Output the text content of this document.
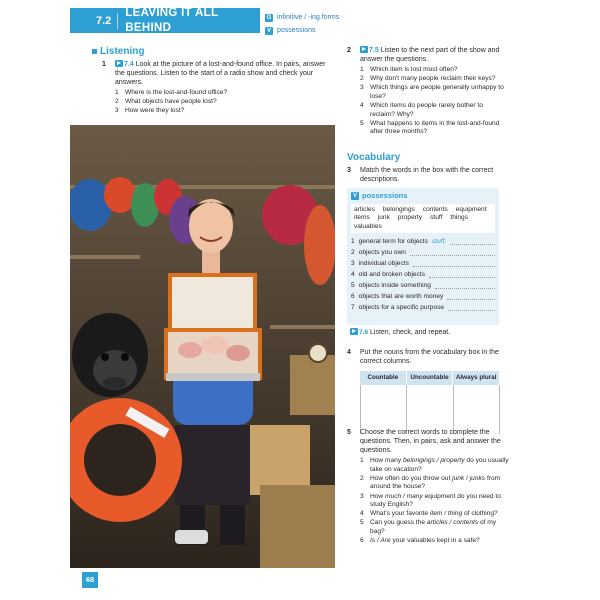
7.2
LEAVING IT ALL BEHIND
G infinitive / -ing forms
V possessions
Listening
1	7.4 Look at the picture of a lost-and-found office. In pairs, answer the questions. Listen to the start of a radio show and check your answers.
1 Where is the lost-and-found office?
2 What objects have people lost?
3 How were they lost?
2	7.5 Listen to the next part of the show and answer the questions.
1 Which item is lost most often?
2 Why don't many people reclaim their keys?
3 Which things are people generally unhappy to lose?
4 Which items do people rarely bother to reclaim? Why?
5 What happens to items in the lost-and-found after three months?
Vocabulary
3 Match the words in the box with the correct descriptions.
V possessions
articles belongings contents equipment
items junk property stuff things
valuables
1 general term for objects stuff,
2 objects you own
3 individual objects
4 old and broken objects
5 objects inside something
6 objects that are worth money
7 objects for a specific purpose
7.6 Listen, check, and repeat.
4 Put the nouns from the vocabulary box in the correct columns.
Countable	Uncountable	Always plural
5 Choose the correct words to complete the questions. Then, in pairs, ask and answer the questions.
1 How many belongings / property do you usually take on vacation?
2 How often do you throw out junk / junks from around the house?
3 How much / many equipment do you need to study English?
4 What's your favorite item / thing of clothing?
5 Can you guess the articles / contents of my bag?
6 Is / Are your valuables kept in a safe?
68
